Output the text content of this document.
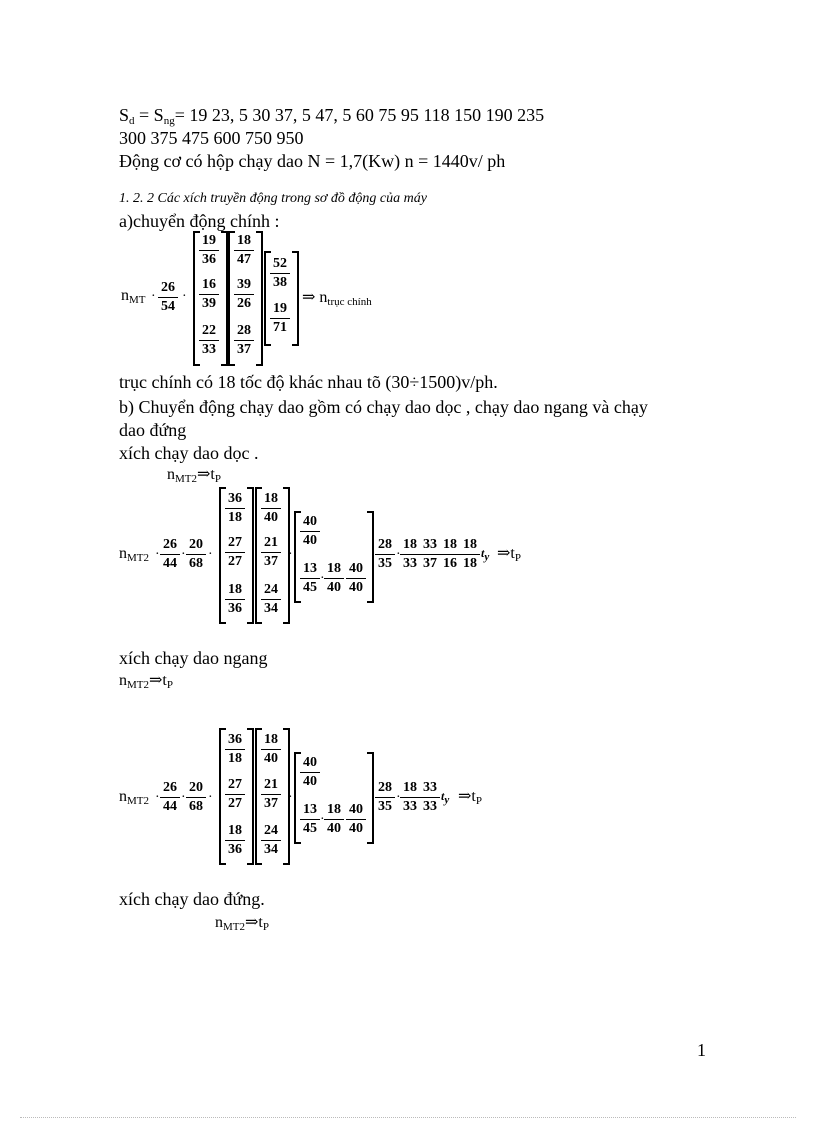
$S_d = S_{ng}= 19$ 23, 5 30 37, 5 47, 5 60 75 95 118 150 190 235
300 375 475 600 750 950
Động cơ có hộp chạy dao N = 1,7(Kw) n = 1440v/ ph
1. 2. 2 Các xích truyền động trong sơ đồ động của máy
a)chuyển động chính :
$n_{MT}$ ·
26
54
·
19
36
16
39
22
33
18
47
39
26
28
37
52
38
19
71
⇒ $n_{trục chính}$
trục chính có 18 tốc độ khác nhau tõ (30÷1500)v/ph.
b) Chuyển động chạy dao gồm có chạy dao dọc , chạy dao ngang và chạy
dao đứng
xích chạy dao dọc .
$n_{MT2}\Rightarrow t_P$
$n_{MT2}$ ·
26
44
·
20
68
·
36
18
27
27
18
36
18
40
21
37
24
34
·
40
40
13
45
·
18
40
40
40
28
35
·
18
33
33
37
18
16
18
18
$t_y$ $\Rightarrow t_P$
xích chạy dao ngang
$n_{MT2}\Rightarrow t_P$
$n_{MT2}$ ·
26
44
·
20
68
·
36
18
27
27
18
36
18
40
21
37
24
34
·
40
40
13
45
·
18
40
40
40
28
35
·
18
33
33
33
$t_y$ $\Rightarrow t_P$
xích chạy dao đứng.
$n_{MT2}\Rightarrow t_P$
1
